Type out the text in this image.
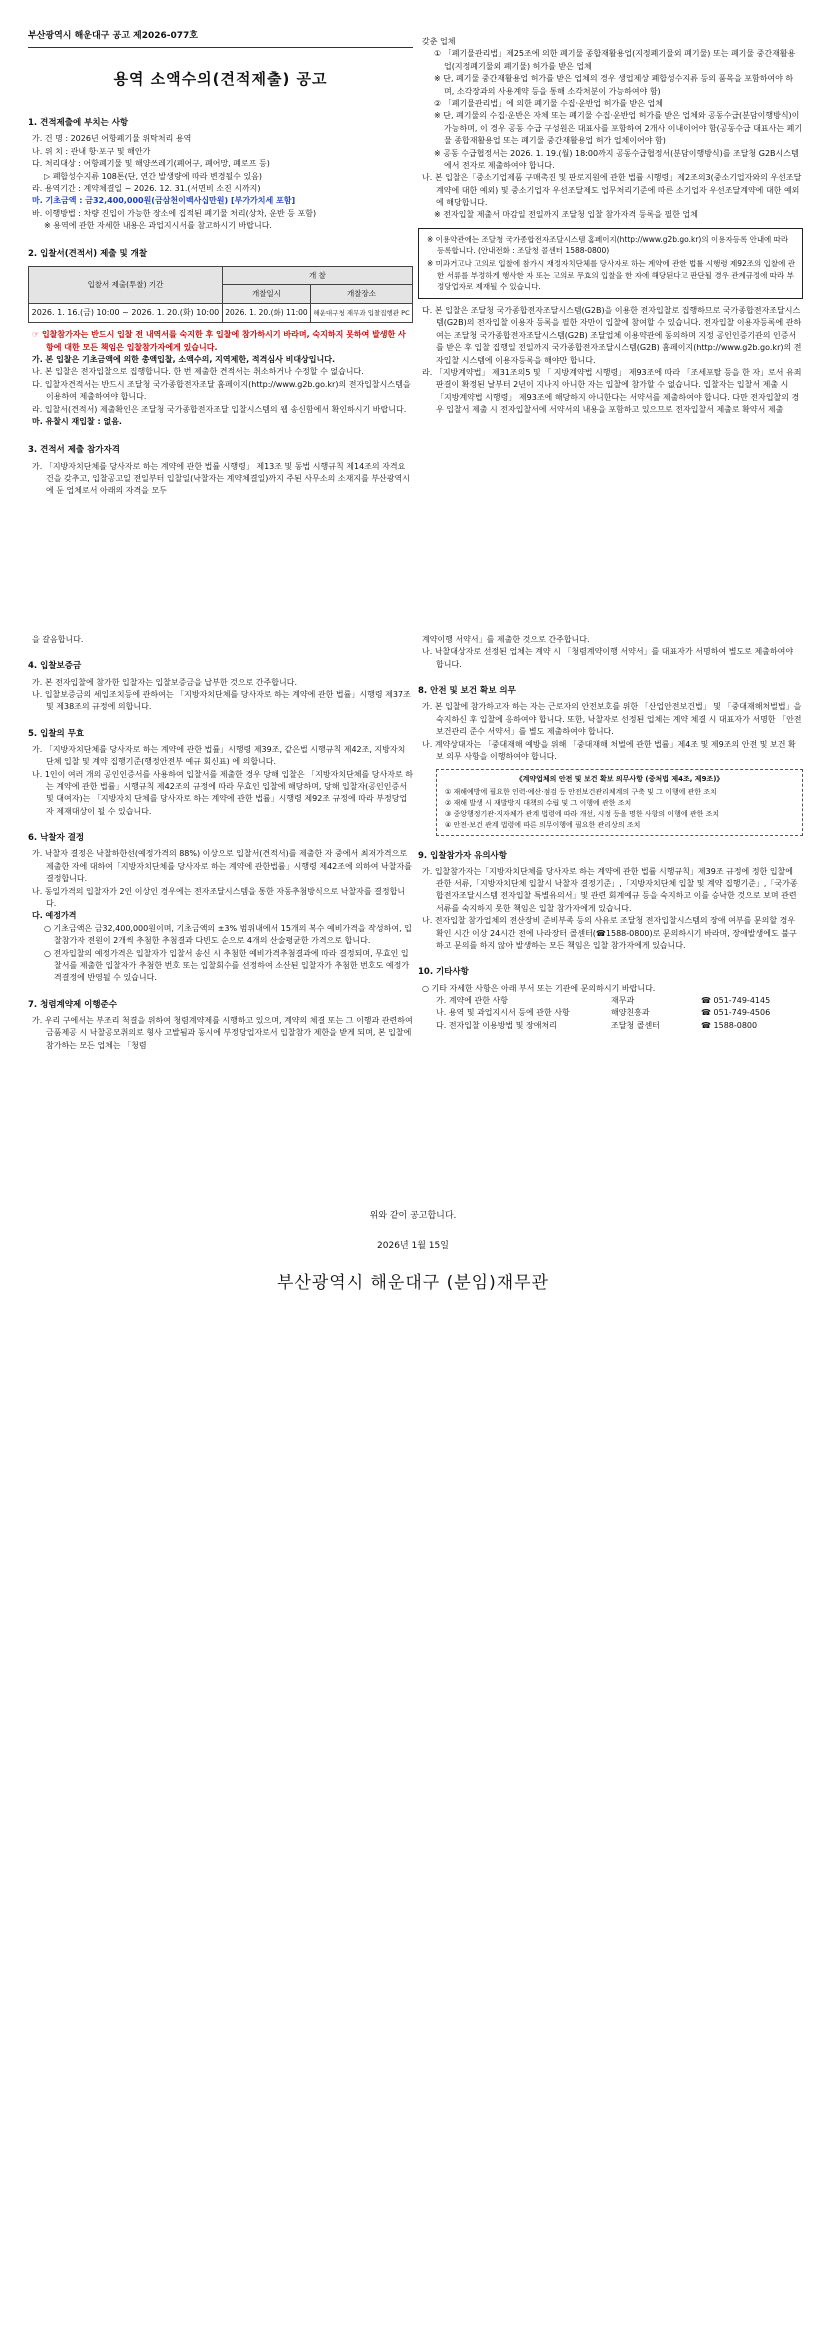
부산광역시 해운대구 공고 제2026-077호
용역 소액수의(견적제출) 공고
1. 견적제출에 부치는 사항

가. 건 명 : 2026년 어항폐기물 위탁처리 용역

나. 위 치 : 관내 항·포구 및 해안가

다. 처리대상 : 어항폐기물 및 해양쓰레기(폐어구, 폐어망, 폐로프 등)

▷ 폐합성수지류 108톤(단, 연간 발생량에 따라 변경될수 있음)

라. 용역기간 : 계약체결일 ~ 2026. 12. 31.(서면비 소진 시까지)

마. 기초금액 : 금32,400,000원(금삼천이백사십만원) [부가가치세 포함]

바. 이행방법 : 차량 진입이 가능한 장소에 집적된 폐기물 처리(상차, 운반 등 포함)

※ 용역에 관한 자세한 내용은 과업지시서를 참고하시기 바랍니다.

2. 입찰서(견적서) 제출 및 개찰
입찰서 제출(투찰) 기간	개 찰	
	개찰일시	개찰장소
2026. 1. 16.(금) 10:00 ~ 2026. 1. 20.(화) 10:00	2026. 1. 20.(화) 11:00	해운대구청 재무과 입찰집행관 PC

☞ 입찰참가자는 반드시 입찰 전 내역서를 숙지한 후 입찰에 참가하시기 바라며, 숙지하지 못하여 발생한 사항에 대한 모든 책임은 입찰참가자에게 있습니다.

가. 본 입찰은 기초금액에 의한 총액입찰, 소액수의, 지역제한, 적격심사 비대상입니다.

나. 본 입찰은 전자입찰으로 집행합니다. 한 번 제출한 견적서는 취소하거나 수정할 수 없습니다.

다. 입찰자견적서는 반드시 조달청 국가종합전자조달 홈페이지(http://www.g2b.go.kr)의 전자입찰시스템을 이용하여 제출하여야 합니다.

라. 입찰서(견적서) 제출확인은 조달청 국가종합전자조달 입찰시스템의 웹 송신함에서 확인하시기 바랍니다.

마. 유찰시 재입찰 : 없음.

3. 견적서 제출 참가자격

가. 「지방자치단체를 당사자로 하는 계약에 관한 법률 시행령」 제13조 및 동법 시행규칙 제14조의 자격요건을 갖추고, 입찰공고일 전일부터 입찰일(낙찰자는 계약체결일)까지 주된 사무소의 소재지를 부산광역시에 둔 업체로서 아래의 자격을 모두

갖춘 업체

① 「폐기물관리법」제25조에 의한 폐기물 종합재활용업(지정폐기물외 폐기물) 또는 폐기물 중간재활용업(지정폐기물외 폐기물) 허가를 받은 업체

※ 단, 폐기물 중간재활용업 허가를 받은 업체의 경우 생업제상 폐합성수지류 등의 품목을 포함하여야 하며, 소각장과의 사용계약 등을 통해 소각처분이 가능하여야 함)

② 「폐기물관리법」에 의한 폐기물 수집·운반업 허가를 받은 업체

※ 단, 폐기물의 수집·운반은 자체 또는 폐기물 수집·운반업 허가를 받은 업체와 공동수급(분담이행방식)이 가능하며, 이 경우 공동 수급 구성원은 대표사를 포함하여 2개사 이내이어야 함(공동수급 대표사는 폐기물 종합재활용업 또는 폐기물 중간재활용업 허가 업체이어야 함)

※ 공동 수급협정서는 2026. 1. 19.(월) 18:00까지 공동수급협정서(분담이행방식)를 조달청 G2B시스템에서 전자로 제출하여야 합니다.

나. 본 입찰은「중소기업제품 구매촉진 및 판로지원에 관한 법률 시행령」제2조의3(중소기업자와의 우선조달계약에 대한 예외) 및 중소기업자 우선조달제도 업무처리기준에 따른 소기업자 우선조달계약에 대한 예외에 해당합니다.

※ 전자입찰 제출서 마감일 전일까지 조달청 입찰 참가자격 등록을 필한 업체

※ 이용약관에는 조달청 국가종합전자조달시스템 홈페이지(http://www.g2b.go.kr)의 이용자등록 안내에 따라 등록합니다. (안내전화 : 조달청 콜센터 1588-0800)

※ 미과거고나 고의로 입찰에 참가시 재정자치단체를 당사자로 하는 계약에 관한 법률 시행령 제92조의 입찰에 관한 서류를 부정하게 행사한 자 또는 고의로 무효의 입찰을 한 자에 해당된다고 판단될 경우 관계규정에 따라 부정당업자로 제재될 수 있습니다.

다. 본 입찰은 조달청 국가종합전자조달시스템(G2B)을 이용한 전자입찰로 집행하므로 국가종합전자조달시스템(G2B)의 전자입찰 이용자 등록을 필한 자만이 입찰에 참여할 수 있습니다. 전자입찰 이용자등록에 관하여는 조달청 국가종합전자조달시스템(G2B) 조달업체 이용약관에 동의하며 지정 공인인증기관의 인증서를 받은 후 입찰 집행일 전일까지 국가종합전자조달시스템(G2B) 홈페이지(http://www.g2b.go.kr)의 전자입찰 시스템에 이용자등록을 해야만 합니다.

라. 「지방계약법」 제31조의5 및 「 지방계약법 시행령」 제93조에 따라 「조세포탈 등을 한 자」로서 유죄판결이 확정된 날부터 2년이 지나지 아니한 자는 입찰에 참가할 수 없습니다. 입찰자는 입찰서 제출 시 「지방계약법 시행령」 제93조에 해당하지 아니한다는 서약서를 제출하여야 합니다. 다만 전자입찰의 경우 입찰서 제출 시 전자입찰서에 서약서의 내용을 포함하고 있으므로 전자입찰서 제출로 확약서 제출

을 갈음합니다.

4. 입찰보증금

가. 본 전자입찰에 참가한 입찰자는 입찰보증금을 납부한 것으로 간주합니다.

나. 입찰보증금의 세입조치등에 관하여는 「지방자치단체를 당사자로 하는 계약에 관한 법률」시행령 제37조 및 제38조의 규정에 의합니다.

5. 입찰의 무효

가. 「지방자치단체를 당사자로 하는 계약에 관한 법률」시행령 제39조, 같은법 시행규칙 제42조, 지방자치단체 입찰 및 계약 집행기준(행정안전부 예규 회신표) 에 의합니다.

나. 1인이 여러 개의 공인인증서를 사용하여 입찰서를 제출한 경우 당해 입찰은 「지방자치단체를 당사자로 하는 계약에 관한 법률」시행규칙 제42조의 규정에 따라 무효인 입찰에 해당하며, 당해 입찰자(공인인증서 및 대여자)는 「지방자치 단체를 당사자로 하는 계약에 관한 법률」시행령 제92조 규정에 따라 부정당업자 제재대상이 될 수 있습니다.

6. 낙찰자 결정

가. 낙찰자 결정은 낙찰하한선(예정가격의 88%) 이상으로 입찰서(견적서)를 제출한 자 중에서 최저가격으로 제출한 자에 대하여「지방자치단체를 당사자로 하는 계약에 관한법률」시행령 제42조에 의하여 낙찰자를 결정합니다.

나. 동일가격의 입찰자가 2인 이상인 경우에는 전자조달시스템을 통한 자동추첨방식으로 낙찰자를 결정합니다.

다. 예정가격

○ 기초금액은 금32,400,000원이며, 기초금액의 ±3% 범위내에서 15개의 복수 예비가격을 작성하여, 입찰참가자 전원이 2개씩 추첨한 추첨결과 다빈도 순으로 4개의 산술평균한 가격으로 합니다.

○ 전자입찰의 예정가격은 입찰자가 입찰서 송신 시 추첨한 예비가격추첨결과에 따라 결정되며, 무효인 입찰서를 제출한 입찰자가 추첨한 번호 또는 입찰회수를 선정하여 소산된 입찰자가 추첨한 번호도 예정가격결정에 반영될 수 있습니다.

7. 청렴계약제 이행준수

가. 우리 구에서는 부조리 척결을 위하여 청렴계약제를 시행하고 있으며, 계약의 체결 또는 그 이행과 관련하여 금품제공 시 낙찰공모취의로 형사 고발됨과 동시에 부정당업자로서 입찰참가 제한을 받게 되며, 본 입찰에 참가하는 모든 업체는 「청렴

계약이행 서약서」를 제출한 것으로 간주합니다.

나. 낙찰대상자로 선정된 업체는 계약 시 「청렴계약이행 서약서」를 대표자가 서명하여 별도로 제출하여야 합니다.

8. 안전 및 보건 확보 의무

가. 본 입찰에 참가하고자 하는 자는 근로자의 안전보호를 위한 「산업안전보건법」 및 「중대재해처벌법」을 숙지하신 후 입찰에 응하여야 합니다. 또한, 낙찰자로 선정된 업체는 계약 체결 시 대표자가 서명한 「안전보건관리 준수 서약서」를 별도 제출하여야 합니다.

나. 계약상대자는 「중대재해 예방을 위해 「중대재해 처벌에 관한 법률」제4조 및 제9조의 안전 및 보건 확보 의무 사항을 이행하여야 합니다.

《계약업체의 안전 및 보건 확보 의무사항 (중처법 제4조, 제9조)》

① 재해예방에 필요한 인력·예산·점검 등 안전보건관리체계의 구축 및 그 이행에 관한 조치

② 재해 발생 시 재발방지 대책의 수립 및 그 이행에 관한 조치

③ 중앙행정기관·지자체가 관계 법령에 따라 개선, 시정 등을 명한 사항의 이행에 관한 조치

④ 안전·보건 관계 법령에 따른 의무이행에 필요한 관리상의 조치

9. 입찰참가자 유의사항

가. 입찰참가자는「지방자치단체를 당사자로 하는 계약에 관한 법률 시행규칙」제39조 규정에 정한 입찰에 관한 서류,「지방자치단체 입찰시 낙찰자 결정기준」,「지방자치단체 입찰 및 계약 집행기준」,「국가종합전자조달시스템 전자입찰 특별유의서」및 관련 회계예규 등을 숙지하고 이를 승낙한 것으로 보며 관련서류를 숙지하지 못한 책임은 입찰 참가자에게 있습니다.

나. 전자입찰 참가업체의 전산장비 준비부족 등의 사유로 조달청 전자입찰시스템의 장애 여부를 문의할 경우 확인 시간 이상 24시간 전에 나라장터 콜센터(☎1588-0800)로 문의하시기 바라며, 장애발생에도 불구하고 문의를 하지 않아 발생하는 모든 책임은 입찰 참가자에게 있습니다.

10. 기타사항

○ 기타 자세한 사항은 아래 부서 또는 기관에 문의하시기 바랍니다.

가. 계약에 관한 사항	재무과	☎ 051-749-4145
나. 용역 및 과업지시서 등에 관한 사항	해양친흥과	☎ 051-749-4506
다. 전자입찰 이용방법 및 장애처리	조달청 콜센터	☎ 1588-0800
위와 같이 공고합니다.
2026년 1월 15일
부산광역시 해운대구 (분임)재무관
